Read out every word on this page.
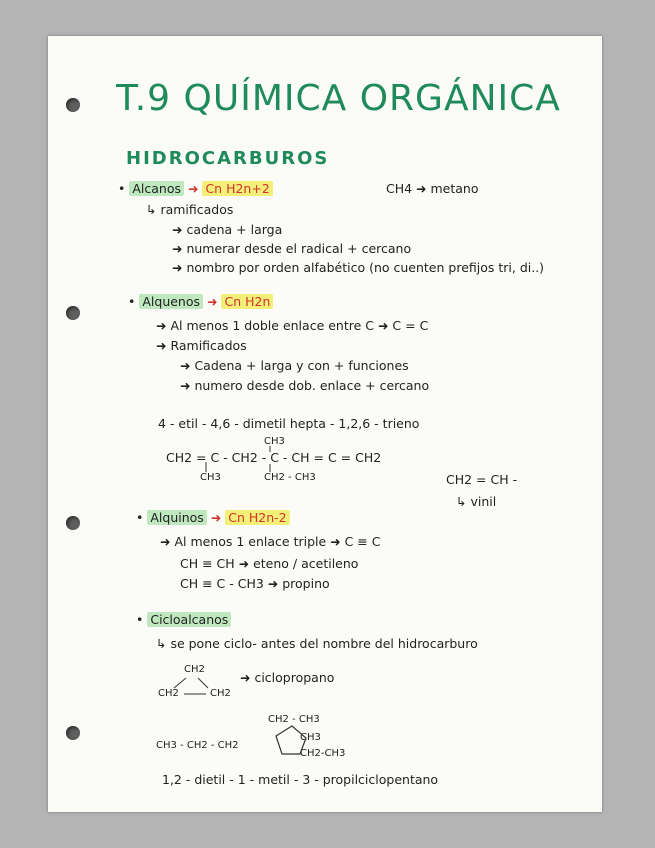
T.9 QUÍMICA ORGÁNICA
HIDROCARBUROS
• Alcanos ➜ Cn H2n+2	CH4 ➜ metano
↳ ramificados
➜ cadena + larga
➜ numerar desde el radical + cercano
➜ nombro por orden alfabético (no cuenten prefijos tri, di..)
• Alquenos ➜ Cn H2n
➜ Al menos 1 doble enlace entre C ➜ C = C
➜ Ramificados
➜ Cadena + larga y con + funciones
➜ numero desde dob. enlace + cercano
4 - etil - 4,6 - dimetil hepta - 1,2,6 - trieno
CH3
CH2 = C - CH2 - C - CH = C = CH2
CH3	CH2 - CH3	CH2 = CH -
↳ vinil
• Alquinos ➜ Cn H2n-2
➜ Al menos 1 enlace triple ➜ C ≡ C
CH ≡ CH ➜ eteno / acetileno
CH ≡ C - CH3 ➜ propino
• Cicloalcanos
↳ se pone ciclo- antes del nombre del hidrocarburo
CH2
CH2	CH2
➜ ciclopropano
CH2 - CH3
CH3 - CH2 - CH2
CH3
CH2-CH3
1,2 - dietil - 1 - metil - 3 - propilciclopentano
